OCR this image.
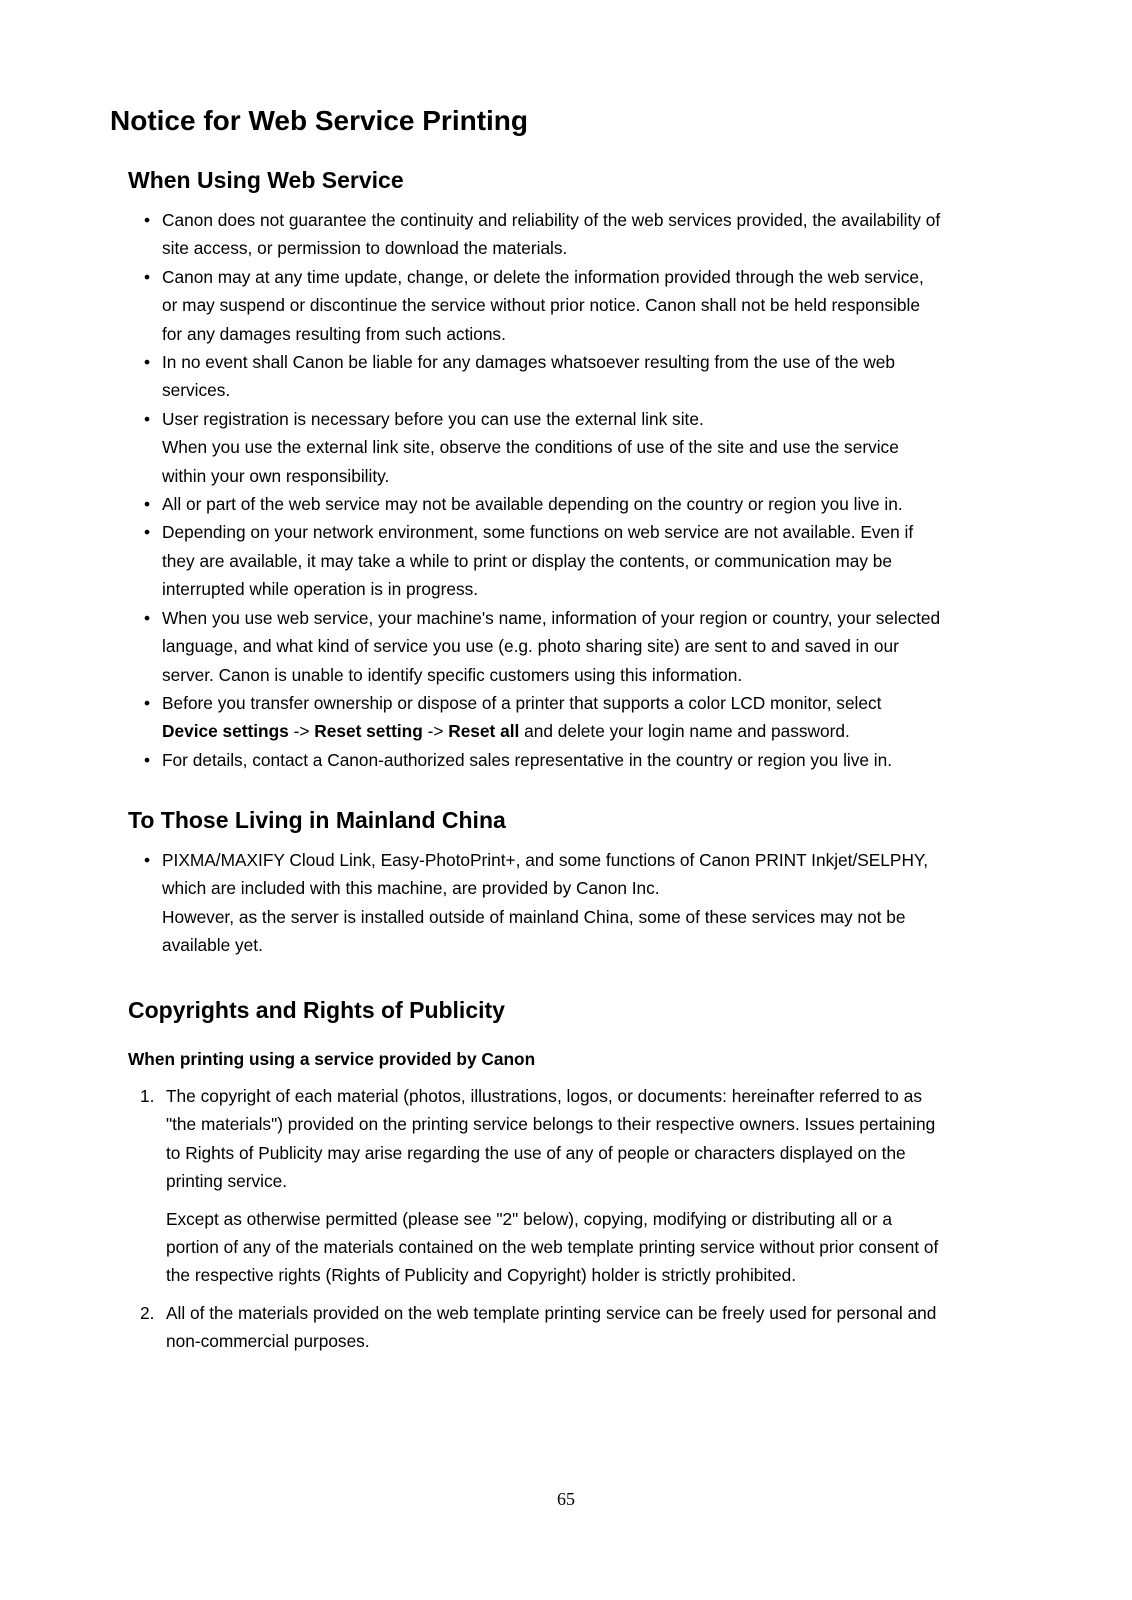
Notice for Web Service Printing
When Using Web Service
• Canon does not guarantee the continuity and reliability of the web services provided, the availability of
site access, or permission to download the materials.
• Canon may at any time update, change, or delete the information provided through the web service,
or may suspend or discontinue the service without prior notice. Canon shall not be held responsible
for any damages resulting from such actions.
• In no event shall Canon be liable for any damages whatsoever resulting from the use of the web
services.
• User registration is necessary before you can use the external link site.
When you use the external link site, observe the conditions of use of the site and use the service
within your own responsibility.
• All or part of the web service may not be available depending on the country or region you live in.
• Depending on your network environment, some functions on web service are not available. Even if
they are available, it may take a while to print or display the contents, or communication may be
interrupted while operation is in progress.
• When you use web service, your machine's name, information of your region or country, your selected
language, and what kind of service you use (e.g. photo sharing site) are sent to and saved in our
server. Canon is unable to identify specific customers using this information.
• Before you transfer ownership or dispose of a printer that supports a color LCD monitor, select
Device settings -> Reset setting -> Reset all and delete your login name and password.
• For details, contact a Canon-authorized sales representative in the country or region you live in.
To Those Living in Mainland China
• PIXMA/MAXIFY Cloud Link, Easy-PhotoPrint+, and some functions of Canon PRINT Inkjet/SELPHY,
which are included with this machine, are provided by Canon Inc.
However, as the server is installed outside of mainland China, some of these services may not be
available yet.
Copyrights and Rights of Publicity
When printing using a service provided by Canon
1. The copyright of each material (photos, illustrations, logos, or documents: hereinafter referred to as
"the materials") provided on the printing service belongs to their respective owners. Issues pertaining
to Rights of Publicity may arise regarding the use of any of people or characters displayed on the
printing service.

Except as otherwise permitted (please see "2" below), copying, modifying or distributing all or a
portion of any of the materials contained on the web template printing service without prior consent of
the respective rights (Rights of Publicity and Copyright) holder is strictly prohibited.

2. All of the materials provided on the web template printing service can be freely used for personal and
non-commercial purposes.

65
